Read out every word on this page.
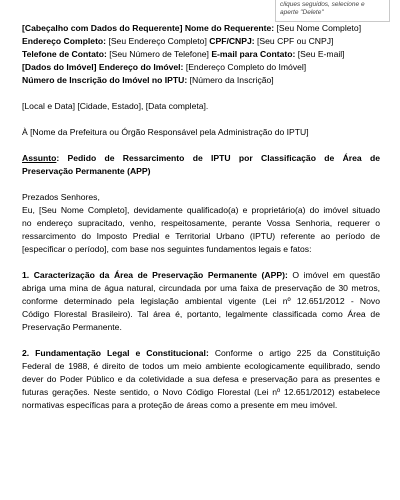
cliques seguidos, selecione e
aperte "Delete"

[Cabeçalho com Dados do Requerente] Nome do Requerente: [Seu Nome Completo]

Endereço Completo: [Seu Endereço Completo] CPF/CNPJ: [Seu CPF ou CNPJ]

Telefone de Contato: [Seu Número de Telefone] E-mail para Contato: [Seu E-mail]

[Dados do Imóvel] Endereço do Imóvel: [Endereço Completo do Imóvel]

Número de Inscrição do Imóvel no IPTU: [Número da Inscrição]

[Local e Data] [Cidade, Estado], [Data completa].

À [Nome da Prefeitura ou Órgão Responsável pela Administração do IPTU]

Assunto: Pedido de Ressarcimento de IPTU por Classificação de Área de

Preservação Permanente (APP)

Prezados Senhores,

Eu, [Seu Nome Completo], devidamente qualificado(a) e proprietário(a) do imóvel situado

no endereço supracitado, venho, respeitosamente, perante Vossa Senhoria, requerer o

ressarcimento do Imposto Predial e Territorial Urbano (IPTU) referente ao período de

[especificar o período], com base nos seguintes fundamentos legais e fatos:

1. Caracterização da Área de Preservação Permanente (APP): O imóvel em questão

abriga uma mina de água natural, circundada por uma faixa de preservação de 30 metros,

conforme determinado pela legislação ambiental vigente (Lei nº 12.651/2012 - Novo

Código Florestal Brasileiro). Tal área é, portanto, legalmente classificada como Área de

Preservação Permanente.

2. Fundamentação Legal e Constitucional: Conforme o artigo 225 da Constituição

Federal de 1988, é direito de todos um meio ambiente ecologicamente equilibrado, sendo

dever do Poder Público e da coletividade a sua defesa e preservação para as presentes e

futuras gerações. Neste sentido, o Novo Código Florestal (Lei nº 12.651/2012) estabelece

normativas específicas para a proteção de áreas como a presente em meu imóvel.
